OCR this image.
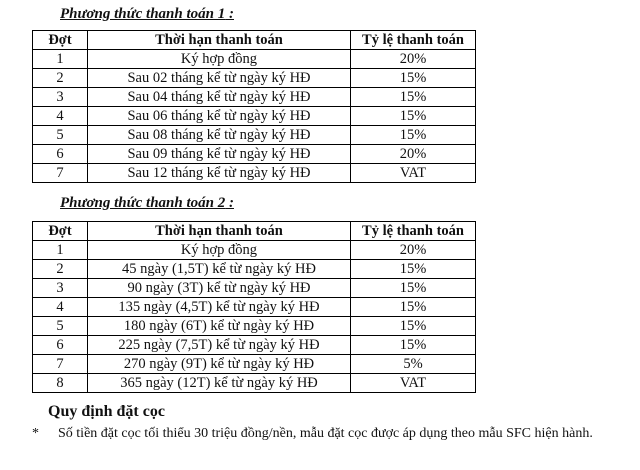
Phương thức thanh toán 1 :
Đợt	Thời hạn thanh toán	Tỷ lệ thanh toán
1	Ký hợp đồng	20%
2	Sau 02 tháng kể từ ngày ký HĐ	15%
3	Sau 04 tháng kể từ ngày ký HĐ	15%
4	Sau 06 tháng kể từ ngày ký HĐ	15%
5	Sau 08 tháng kể từ ngày ký HĐ	15%
6	Sau 09 tháng kể từ ngày ký HĐ	20%
7	Sau 12 tháng kể từ ngày ký HĐ	VAT
Phương thức thanh toán 2 :
Đợt	Thời hạn thanh toán	Tỷ lệ thanh toán
1	Ký hợp đồng	20%
2	45 ngày (1,5T) kể từ ngày ký HĐ	15%
3	90 ngày (3T) kể từ ngày ký HĐ	15%
4	135 ngày (4,5T) kể từ ngày ký HĐ	15%
5	180 ngày (6T) kể từ ngày ký HĐ	15%
6	225 ngày (7,5T) kể từ ngày ký HĐ	15%
7	270 ngày (9T) kể từ ngày ký HĐ	5%
8	365 ngày (12T) kể từ ngày ký HĐ	VAT
Quy định đặt cọc
* Số tiền đặt cọc tối thiểu 30 triệu đồng/nền, mẫu đặt cọc được áp dụng theo mẫu SFC hiện hành.
